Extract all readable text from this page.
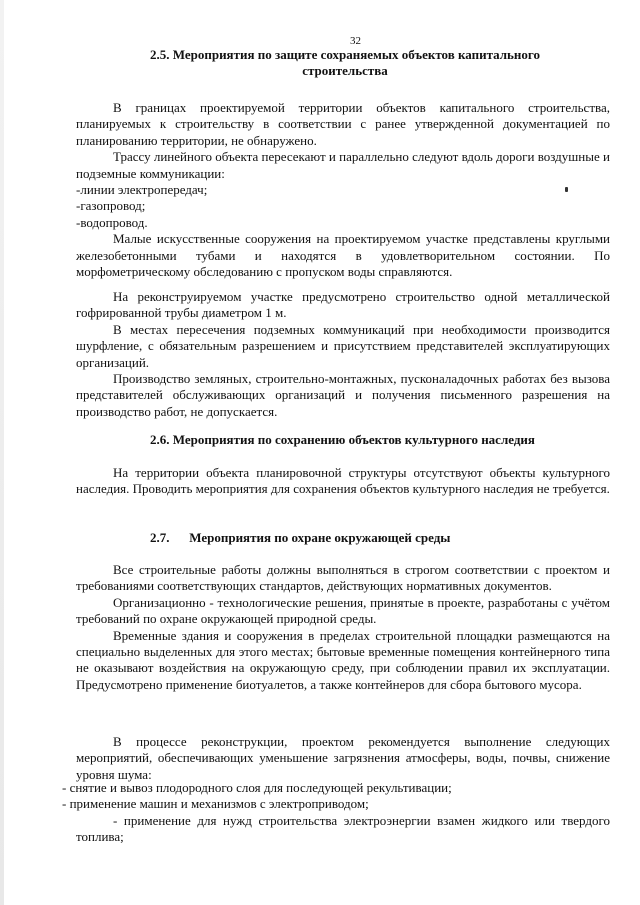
32
2.5. Мероприятия по защите сохраняемых объектов капитального строительства

В границах проектируемой территории объектов капитального строительства, планируемых к строительству в соответствии с ранее утвержденной документацией по планированию территории, не обнаружено.

Трассу линейного объекта пересекают и параллельно следуют вдоль дороги воздушные и подземные коммуникации:

-линии электропередач;

-газопровод;

-водопровод.

Малые искусственные сооружения на проектируемом участке представлены круглыми железобетонными тубами и находятся в удовлетворительном состоянии. По морфометрическому обследованию с пропуском воды справляются.

На реконструируемом участке предусмотрено строительство одной металлической гофрированной трубы диаметром 1 м.

В местах пересечения подземных коммуникаций при необходимости производится шурфление, с обязательным разрешением и присутствием представителей эксплуатирующих организаций.

Производство земляных, строительно-монтажных, пусконаладочных работах без вызова представителей обслуживающих организаций и получения письменного разрешения на производство работ, не допускается.

2.6. Мероприятия по сохранению объектов культурного наследия
На территории объекта планировочной структуры отсутствуют объекты культурного наследия. Проводить мероприятия для сохранения объектов культурного наследия не требуется.
2.7. Мероприятия по охране окружающей среды

Все строительные работы должны выполняться в строгом соответствии с проектом и требованиями соответствующих стандартов, действующих нормативных документов.

Организационно - технологические решения, принятые в проекте, разработаны с учётом требований по охране окружающей природной среды.

Временные здания и сооружения в пределах строительной площадки размещаются на специально выделенных для этого местах; бытовые временные помещения контейнерного типа не оказывают воздействия на окружающую среду, при соблюдении правил их эксплуатации. Предусмотрено применение биотуалетов, а также контейнеров для сбора бытового мусора.

В процессе реконструкции, проектом рекомендуется выполнение следующих мероприятий, обеспечивающих уменьшение загрязнения атмосферы, воды, почвы, снижение уровня шума:

- снятие и вывоз плодородного слоя для последующей рекультивации;

- применение машин и механизмов с электроприводом;

- применение для нужд строительства электроэнергии взамен жидкого или твердого топлива;
